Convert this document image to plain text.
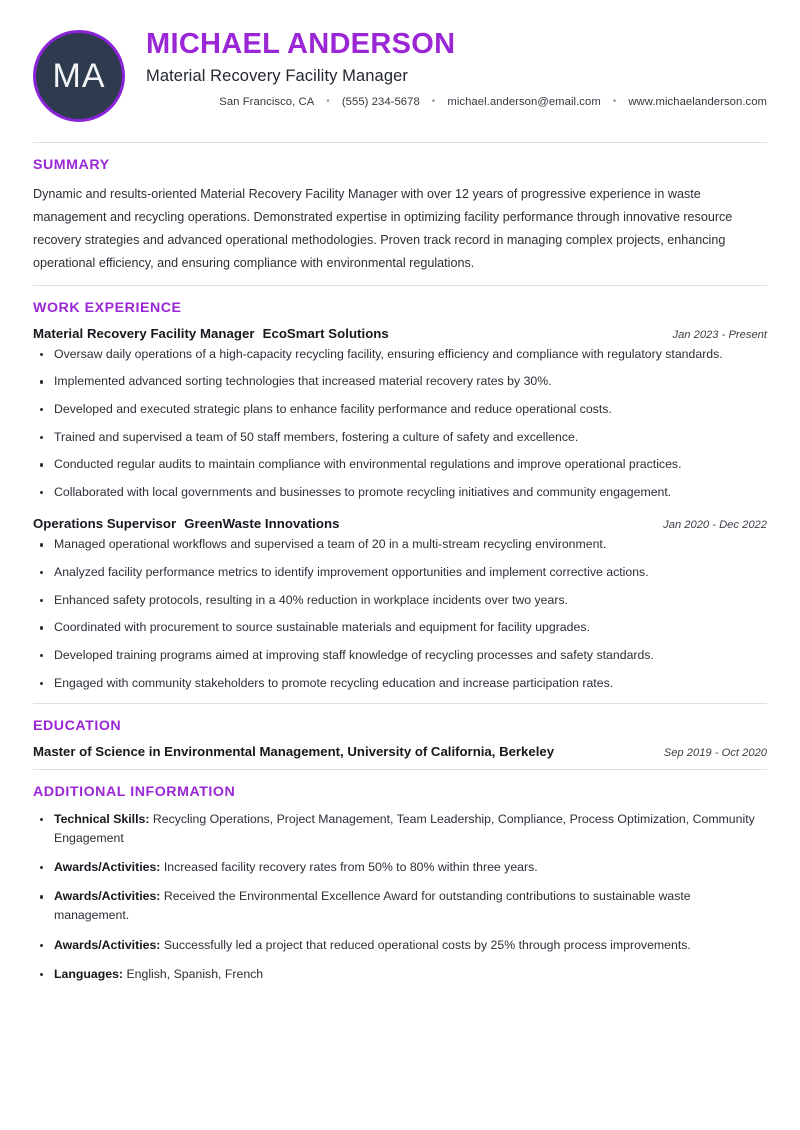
MA
MICHAEL ANDERSON
Material Recovery Facility Manager
San Francisco, CA • (555) 234-5678 • michael.anderson@email.com • www.michaelanderson.com
SUMMARY

Dynamic and results-oriented Material Recovery Facility Manager with over 12 years of progressive experience in waste management and recycling operations. Demonstrated expertise in optimizing facility performance through innovative resource recovery strategies and advanced operational methodologies. Proven track record in managing complex projects, enhancing operational efficiency, and ensuring compliance with environmental regulations.

WORK EXPERIENCE
Material Recovery Facility Manager EcoSmart Solutions	Jan 2023 - Present
Oversaw daily operations of a high-capacity recycling facility, ensuring efficiency and compliance with regulatory standards.
Implemented advanced sorting technologies that increased material recovery rates by 30%.
Developed and executed strategic plans to enhance facility performance and reduce operational costs.
Trained and supervised a team of 50 staff members, fostering a culture of safety and excellence.
Conducted regular audits to maintain compliance with environmental regulations and improve operational practices.
Collaborated with local governments and businesses to promote recycling initiatives and community engagement.
Operations Supervisor GreenWaste Innovations	Jan 2020 - Dec 2022
Managed operational workflows and supervised a team of 20 in a multi-stream recycling environment.
Analyzed facility performance metrics to identify improvement opportunities and implement corrective actions.
Enhanced safety protocols, resulting in a 40% reduction in workplace incidents over two years.
Coordinated with procurement to source sustainable materials and equipment for facility upgrades.
Developed training programs aimed at improving staff knowledge of recycling processes and safety standards.
Engaged with community stakeholders to promote recycling education and increase participation rates.
EDUCATION
Master of Science in Environmental Management, University of California, Berkeley	Sep 2019 - Oct 2020
ADDITIONAL INFORMATION
Technical Skills: Recycling Operations, Project Management, Team Leadership, Compliance, Process Optimization, Community Engagement
Awards/Activities: Increased facility recovery rates from 50% to 80% within three years.
Awards/Activities: Received the Environmental Excellence Award for outstanding contributions to sustainable waste management.
Awards/Activities: Successfully led a project that reduced operational costs by 25% through process improvements.
Languages: English, Spanish, French
